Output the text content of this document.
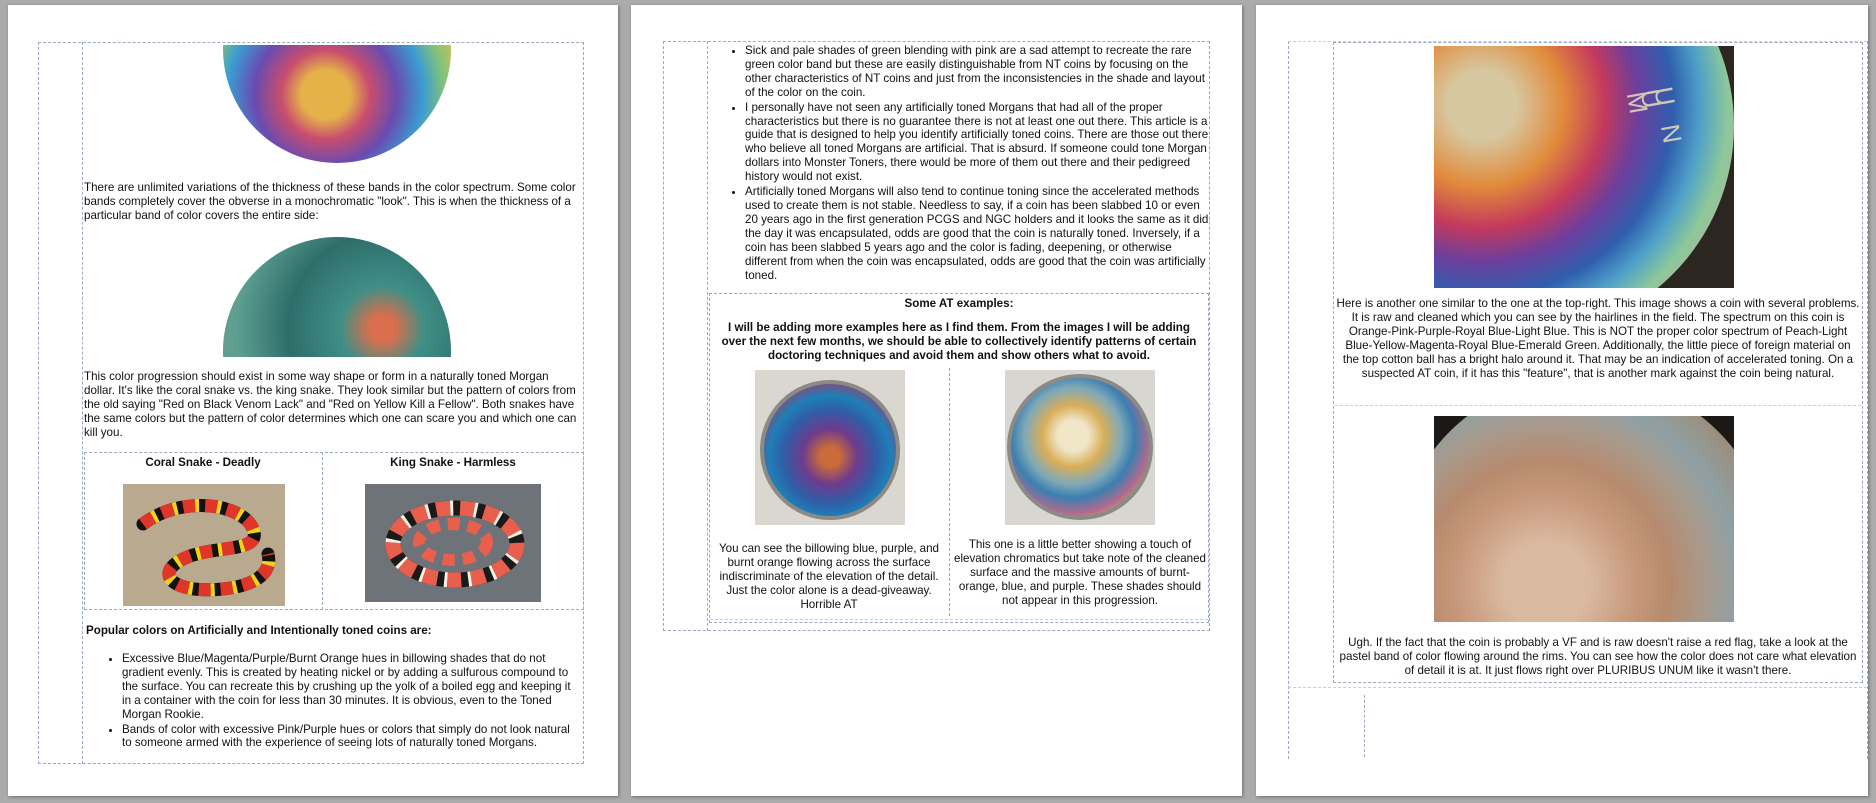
There are unlimited variations of the thickness of these bands in the color spectrum. Some color bands completely cover the obverse in a monochromatic "look". This is when the thickness of a particular band of color covers the entire side:

This color progression should exist in some way shape or form in a naturally toned Morgan dollar. It's like the coral snake vs. the king snake. They look similar but the pattern of colors from the old saying "Red on Black Venom Lack" and "Red on Yellow Kill a Fellow". Both snakes have the same colors but the pattern of color determines which one can scare you and which one can kill you.

Coral Snake - Deadly	King Snake - Harmless

Popular colors on Artificially and Intentionally toned coins are:

• Excessive Blue/Magenta/Purple/Burnt Orange hues in billowing shades that do not gradient evenly. This is created by heating nickel or by adding a sulfurous compound to the surface. You can recreate this by crushing up the yolk of a boiled egg and keeping it in a container with the coin for less than 30 minutes. It is obvious, even to the Toned Morgan Rookie.
• Bands of color with excessive Pink/Purple hues or colors that simply do not look natural to someone armed with the experience of seeing lots of naturally toned Morgans.
• Sick and pale shades of green blending with pink are a sad attempt to recreate the rare green color band but these are easily distinguishable from NT coins by focusing on the other characteristics of NT coins and just from the inconsistencies in the shade and layout of the color on the coin.
• I personally have not seen any artificially toned Morgans that had all of the proper characteristics but there is no guarantee there is not at least one out there. This article is a guide that is designed to help you identify artificially toned coins. There are those out there who believe all toned Morgans are artificial. That is absurd. If someone could tone Morgan dollars into Monster Toners, there would be more of them out there and their pedigreed history would not exist.
• Artificially toned Morgans will also tend to continue toning since the accelerated methods used to create them is not stable. Needless to say, if a coin has been slabbed 10 or even 20 years ago in the first generation PCGS and NGC holders and it looks the same as it did the day it was encapsulated, odds are good that the coin is naturally toned. Inversely, if a coin has been slabbed 5 years ago and the color is fading, deepening, or otherwise different from when the coin was encapsulated, odds are good that the coin was artificially toned.

Some AT examples:

I will be adding more examples here as I find them. From the images I will be adding over the next few months, we should be able to collectively identify patterns of certain doctoring techniques and avoid them and show others what to avoid.

You can see the billowing blue, purple, and burnt orange flowing across the surface indiscriminate of the elevation of the detail. Just the color alone is a dead-giveaway. Horrible AT

This one is a little better showing a touch of elevation chromatics but take note of the cleaned surface and the massive amounts of burnt-orange, blue, and purple. These shades should not appear in this progression.

U N U M

Here is another one similar to the one at the top-right. This image shows a coin with several problems. It is raw and cleaned which you can see by the hairlines in the field. The spectrum on this coin is Orange-Pink-Purple-Royal Blue-Light Blue. This is NOT the proper color spectrum of Peach-Light Blue-Yellow-Magenta-Royal Blue-Emerald Green. Additionally, the little piece of foreign material on the top cotton ball has a bright halo around it. That may be an indication of accelerated toning. On a suspected AT coin, if it has this "feature", that is another mark against the coin being natural.

Ugh. If the fact that the coin is probably a VF and is raw doesn't raise a red flag, take a look at the pastel band of color flowing around the rims. You can see how the color does not care what elevation of detail it is at. It just flows right over PLURIBUS UNUM like it wasn't there.
